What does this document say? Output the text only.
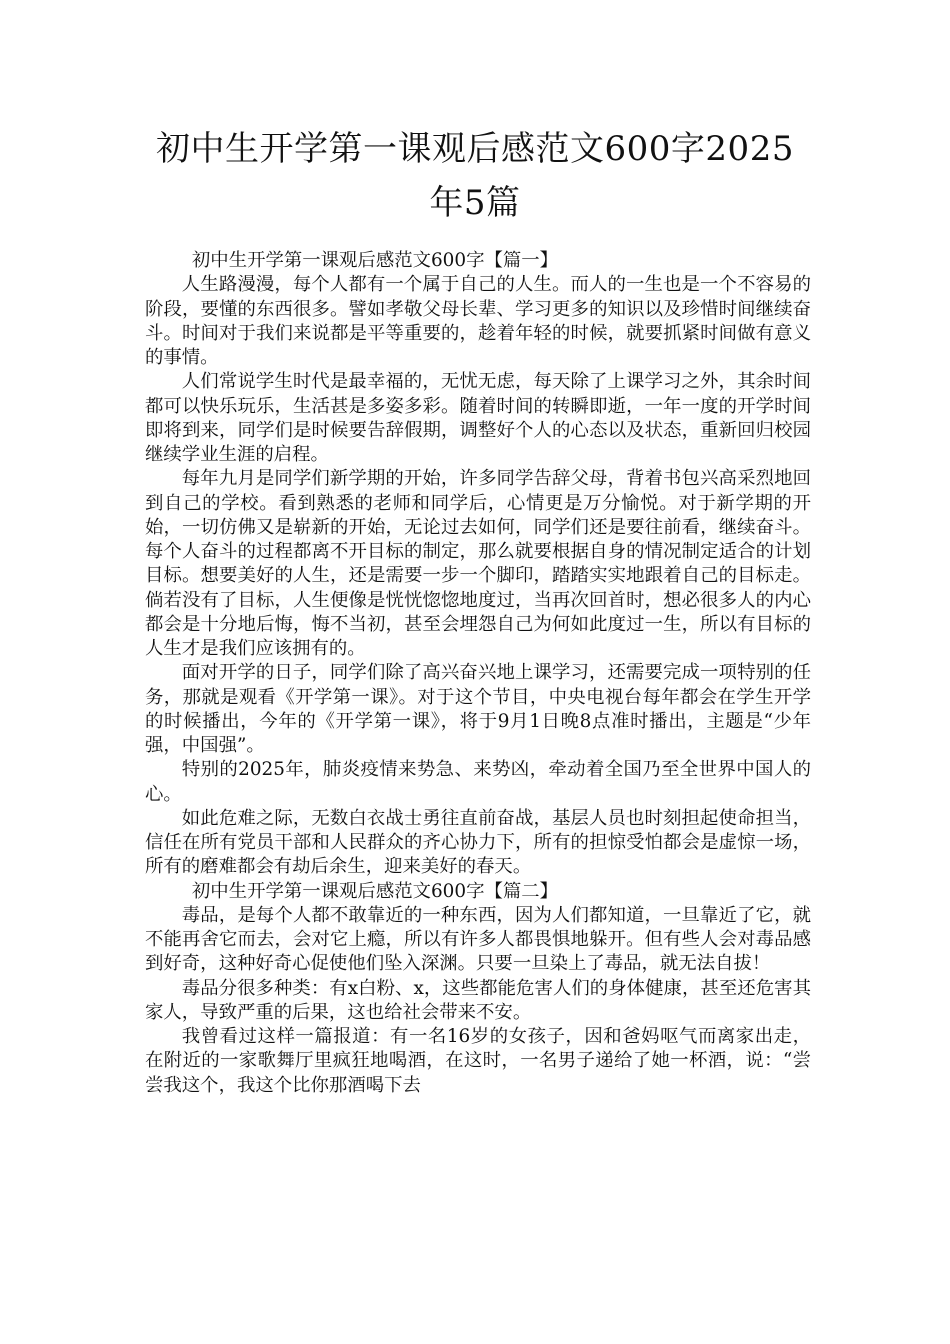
初中生开学第一课观后感范文600字2025年5篇

初中生开学第一课观后感范文600字【篇一】

人生路漫漫，每个人都有一个属于自己的人生。而人的一生也是一个不容易的阶段，要懂的东西很多。譬如孝敬父母长辈、学习更多的知识以及珍惜时间继续奋斗。时间对于我们来说都是平等重要的，趁着年轻的时候，就要抓紧时间做有意义的事情。

人们常说学生时代是最幸福的，无忧无虑，每天除了上课学习之外，其余时间都可以快乐玩乐，生活甚是多姿多彩。随着时间的转瞬即逝，一年一度的开学时间即将到来，同学们是时候要告辞假期，调整好个人的心态以及状态，重新回归校园继续学业生涯的启程。

每年九月是同学们新学期的开始，许多同学告辞父母，背着书包兴高采烈地回到自己的学校。看到熟悉的老师和同学后，心情更是万分愉悦。对于新学期的开始，一切仿佛又是崭新的开始，无论过去如何，同学们还是要往前看，继续奋斗。每个人奋斗的过程都离不开目标的制定，那么就要根据自身的情况制定适合的计划目标。想要美好的人生，还是需要一步一个脚印，踏踏实实地跟着自己的目标走。倘若没有了目标，人生便像是恍恍惚惚地度过，当再次回首时，想必很多人的内心都会是十分地后悔，悔不当初，甚至会埋怨自己为何如此度过一生，所以有目标的人生才是我们应该拥有的。

面对开学的日子，同学们除了高兴奋兴地上课学习，还需要完成一项特别的任务，那就是观看《开学第一课》。对于这个节目，中央电视台每年都会在学生开学的时候播出，今年的《开学第一课》，将于9月1日晚8点准时播出，主题是“少年强，中国强”。

特别的2025年，肺炎疫情来势急、来势凶，牵动着全国乃至全世界中国人的心。

如此危难之际，无数白衣战士勇往直前奋战，基层人员也时刻担起使命担当，信任在所有党员干部和人民群众的齐心协力下，所有的担惊受怕都会是虚惊一场，所有的磨难都会有劫后余生，迎来美好的春天。

初中生开学第一课观后感范文600字【篇二】

毒品，是每个人都不敢靠近的一种东西，因为人们都知道，一旦靠近了它，就不能再舍它而去，会对它上瘾，所以有许多人都畏惧地躲开。但有些人会对毒品感到好奇，这种好奇心促使他们坠入深渊。只要一旦染上了毒品，就无法自拔！

毒品分很多种类：有x白粉、x，这些都能危害人们的身体健康，甚至还危害其家人，导致严重的后果，这也给社会带来不安。

我曾看过这样一篇报道：有一名16岁的女孩子，因和爸妈呕气而离家出走，在附近的一家歌舞厅里疯狂地喝酒，在这时，一名男子递给了她一杯酒，说：“尝尝我这个，我这个比你那酒喝下去
